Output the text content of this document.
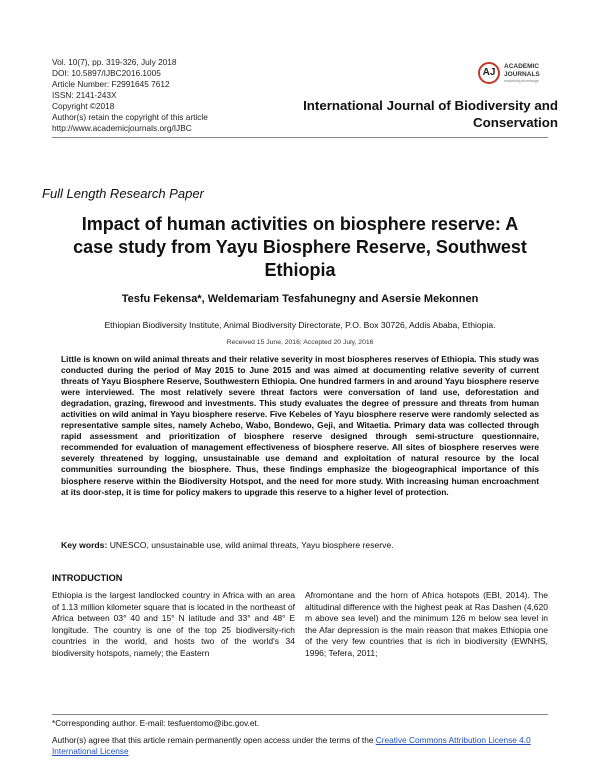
Vol. 10(7), pp. 319-326, July 2018
DOI: 10.5897/IJBC2016.1005
Article Number: F2991645 7612
ISSN: 2141-243X
Copyright ©2018
Author(s) retain the copyright of this article
http://www.academicjournals.org/IJBC
AJ
ACADEMIC
JOURNALS
expanding knowledge
International Journal of Biodiversity and
Conservation
Full Length Research Paper
Impact of human activities on biosphere reserve: A case study from Yayu Biosphere Reserve, Southwest Ethiopia
Tesfu Fekensa*, Weldemariam Tesfahunegny and Asersie Mekonnen
Ethiopian Biodiversity Institute, Animal Biodiversity Directorate, P.O. Box 30726, Addis Ababa, Ethiopia.
Received 15 June, 2016; Accepted 20 July, 2016
Little is known on wild animal threats and their relative severity in most biospheres reserves of Ethiopia. This study was conducted during the period of May 2015 to June 2015 and was aimed at documenting relative severity of current threats of Yayu Biosphere Reserve, Southwestern Ethiopia. One hundred farmers in and around Yayu biosphere reserve were interviewed. The most relatively severe threat factors were conversation of land use, deforestation and degradation, grazing, firewood and investments. This study evaluates the degree of pressure and threats from human activities on wild animal in Yayu biosphere reserve. Five Kebeles of Yayu biosphere reserve were randomly selected as representative sample sites, namely Achebo, Wabo, Bondewo, Geji, and Witaetia. Primary data was collected through rapid assessment and prioritization of biosphere reserve designed through semi-structure questionnaire, recommended for evaluation of management effectiveness of biosphere reserve. All sites of biosphere reserves were severely threatened by logging, unsustainable use demand and exploitation of natural resource by the local communities surrounding the biosphere. Thus, these findings emphasize the biogeographical importance of this biosphere reserve within the Biodiversity Hotspot, and the need for more study. With increasing human encroachment at its door-step, it is time for policy makers to upgrade this reserve to a higher level of protection.
Key words: UNESCO, unsustainable use, wild animal threats, Yayu biosphere reserve.
INTRODUCTION
Ethiopia is the largest landlocked country in Africa with an area of 1.13 million kilometer square that is located in the northeast of Africa between 03° 40 and 15° N latitude and 33° and 48° E longitude. The country is one of the top 25 biodiversity-rich countries in the world, and hosts two of the world's 34 biodiversity hotspots, namely; the Eastern
Afromontane and the horn of Africa hotspots (EBI, 2014). The altitudinal difference with the highest peak at Ras Dashen (4,620 m above sea level) and the minimum 126 m below sea level in the Afar depression is the main reason that makes Ethiopia one of the very few countries that is rich in biodiversity (EWNHS, 1996; Tefera, 2011;
*Corresponding author. E-mail: tesfuentomo@ibc.gov.et.
Author(s) agree that this article remain permanently open access under the terms of the Creative Commons Attribution License 4.0 International License
